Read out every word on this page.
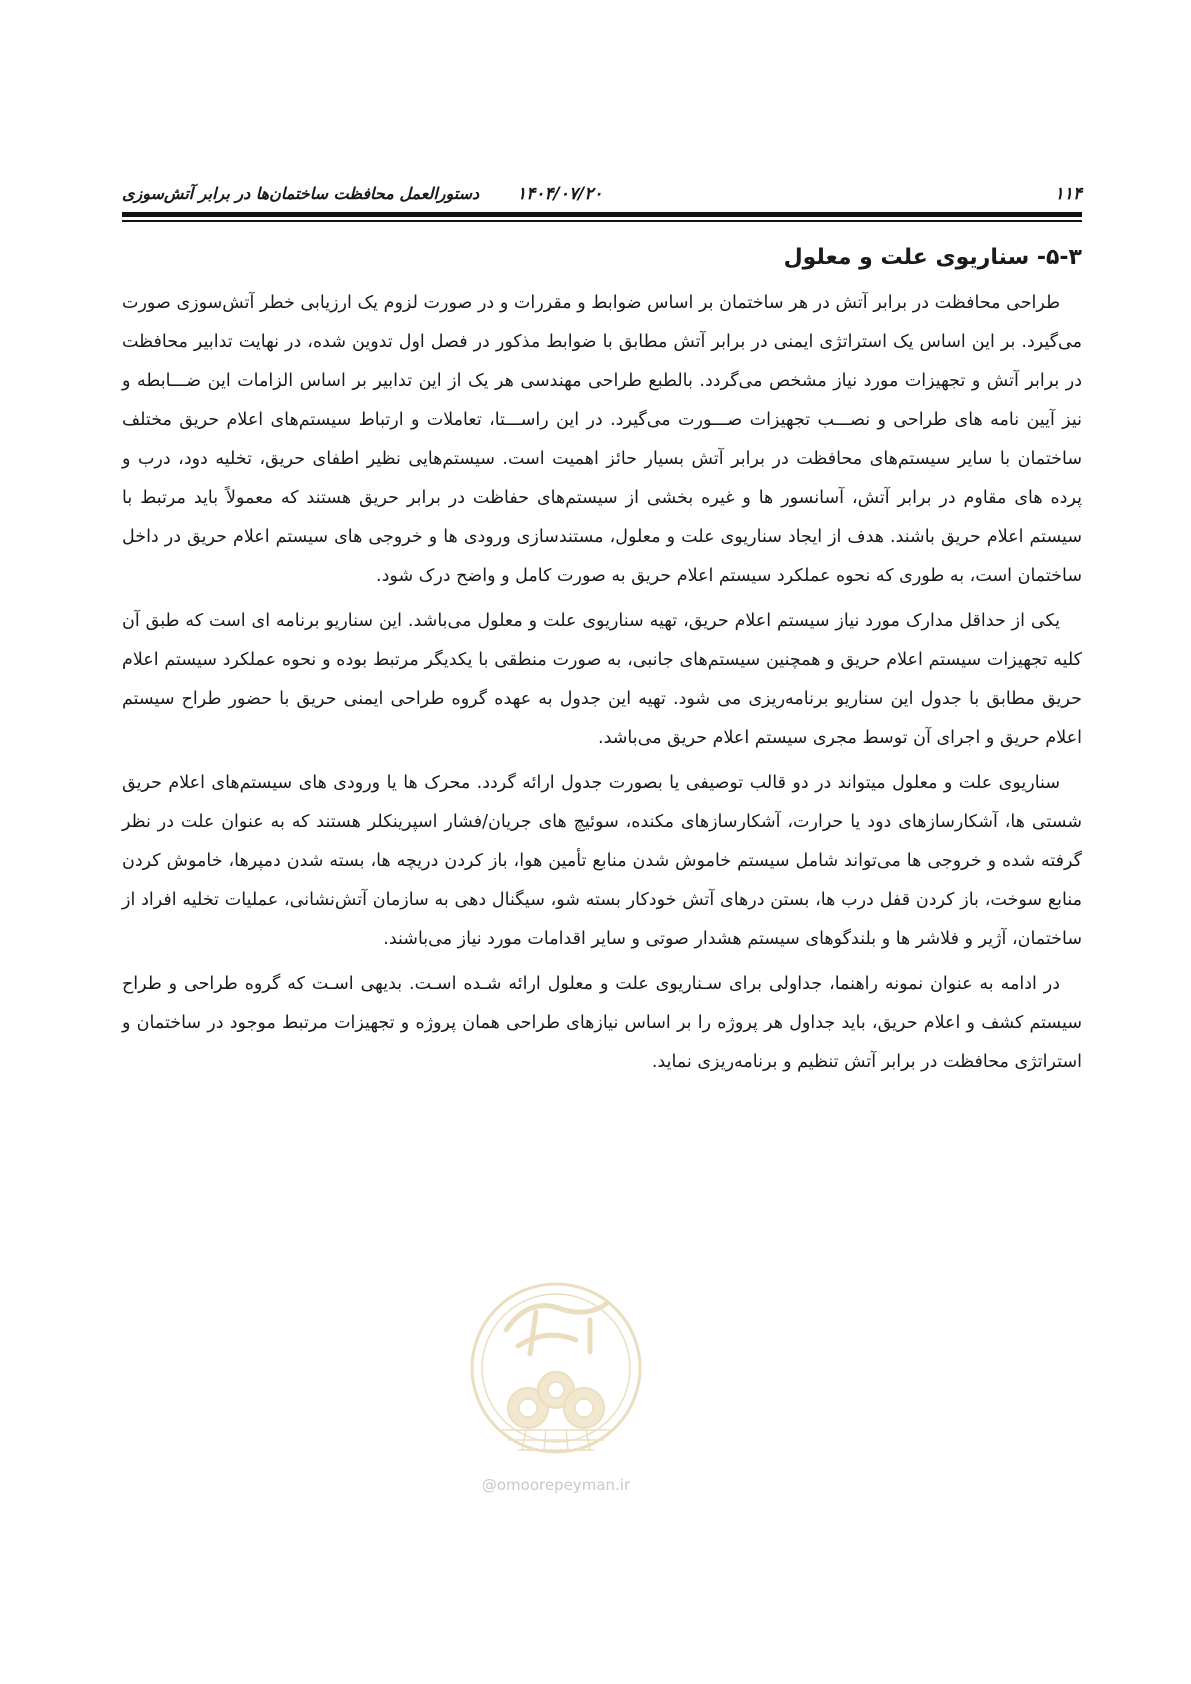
۱۱۴
۱۴۰۴/۰۷/۲۰
دستورالعمل محافظت ساختمان‌ها در برابر آتش‌سوزی
۵-۳- سناریوی علت و معلول

طراحی محافظت در برابر آتش در هر ساختمان بر اساس ضوابط و مقررات و در صورت لزوم یک ارزیابی خطر آتش‌سوزی صورت می‌گیرد. بر این اساس یک استراتژی ایمنی در برابر آتش مطابق با ضوابط مذکور در فصل اول تدوین شده، در نهایت تدابیر محافظت در برابر آتش و تجهیزات مورد نیاز مشخص می‌گردد. بالطبع طراحی مهندسی هر یک از این تدابیر بر اساس الزامات این ضـــابطه و نیز آیین نامه های طراحی و نصـــب تجهیزات صـــورت می‌گیرد. در این راســـتا، تعاملات و ارتباط سیستم‌های اعلام حریق مختلف ساختمان با سایر سیستم‌های محافظت در برابر آتش بسیار حائز اهمیت است. سیستم‌هایی نظیر اطفای حریق، تخلیه دود، درب و پرده های مقاوم در برابر آتش، آسانسور ها و غیره بخشی از سیستم‌های حفاظت در برابر حریق هستند که معمولاً باید مرتبط با سیستم اعلام حریق باشند. هدف از ایجاد سناریوی علت و معلول، مستندسازی ورودی ها و خروجی های سیستم اعلام حریق در داخل ساختمان است، به طوری که نحوه عملکرد سیستم اعلام حریق به صورت کامل و واضح درک شود.

یکی از حداقل مدارک مورد نیاز سیستم اعلام حریق، تهیه سناریوی علت و معلول می‌باشد. این سناریو برنامه ای است که طبق آن کلیه تجهیزات سیستم اعلام حریق و همچنین سیستم‌های جانبی، به صورت منطقی با یکدیگر مرتبط بوده و نحوه عملکرد سیستم اعلام حریق مطابق با جدول این سناریو برنامه‌ریزی می شود. تهیه این جدول به عهده گروه طراحی ایمنی حریق با حضور طراح سیستم اعلام حریق و اجرای آن توسط مجری سیستم اعلام حریق می‌باشد.

سناریوی علت و معلول میتواند در دو قالب توصیفی یا بصورت جدول ارائه گردد. محرک ها یا ورودی های سیستم‌های اعلام حریق شستی ها، آشکارسازهای دود یا حرارت، آشکارسازهای مکنده، سوئیچ های جریان/فشار اسپرینکلر هستند که به عنوان علت در نظر گرفته شده و خروجی ها می‌تواند شامل سیستم خاموش شدن منابع تأمین هوا، باز کردن دریچه ها، بسته شدن دمپرها، خاموش کردن منابع سوخت، باز کردن قفل درب ها، بستن درهای آتش خودکار بسته شو، سیگنال دهی به سازمان آتش‌نشانی، عملیات تخلیه افراد از ساختمان، آژیر و فلاشر ها و بلندگوهای سیستم هشدار صوتی و سایر اقدامات مورد نیاز می‌باشند.

در ادامه به عنوان نمونه راهنما، جداولی برای سـناریوی علت و معلول ارائه شـده اسـت. بدیهی اسـت که گروه طراحی و طراح سیستم کشف و اعلام حریق، باید جداول هر پروژه را بر اساس نیازهای طراحی همان پروژه و تجهیزات مرتبط موجود در ساختمان و استراتژی محافظت در برابر آتش تنظیم و برنامه‌ریزی نماید.

@omoorepeyman.ir
